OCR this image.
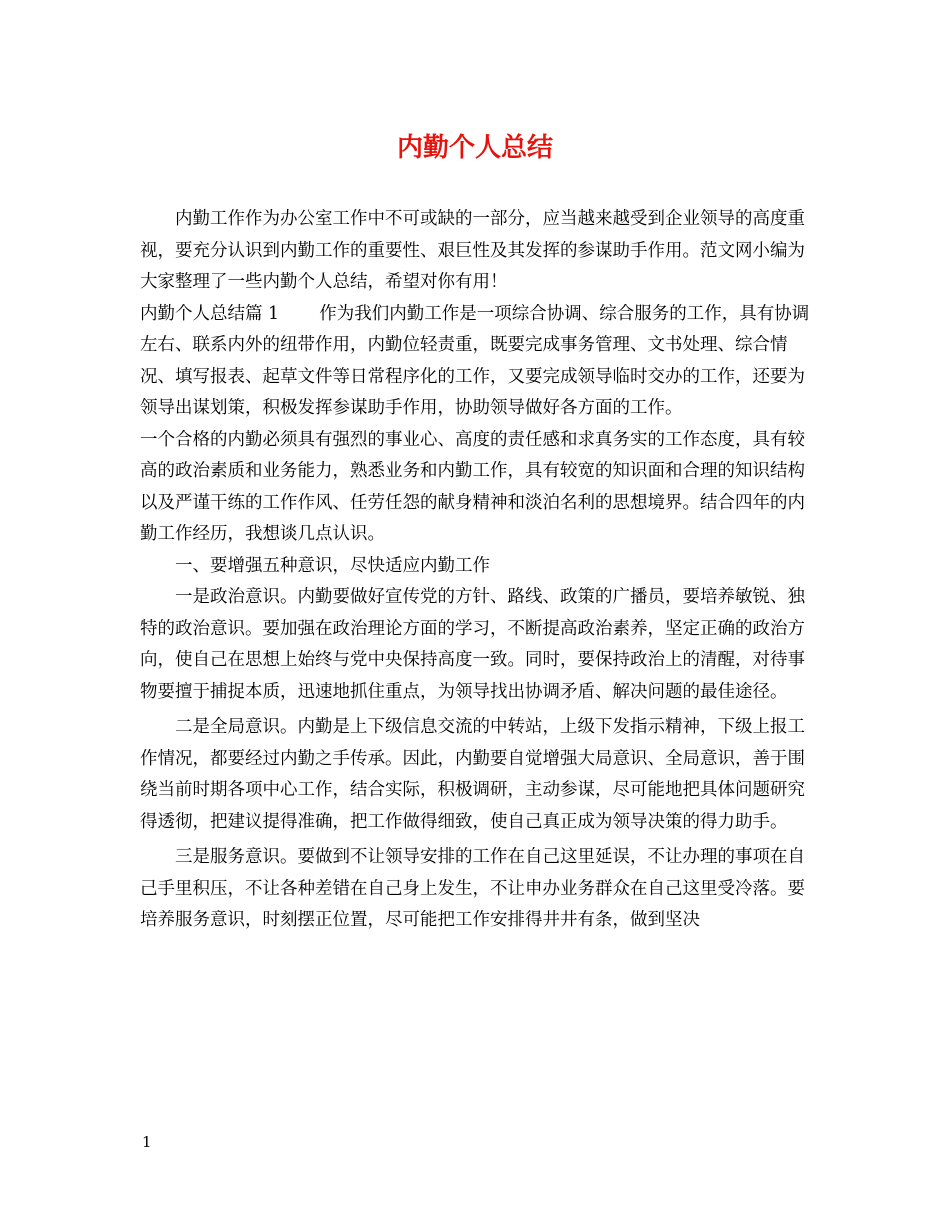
内勤个人总结

内勤工作作为办公室工作中不可或缺的一部分，应当越来越受到企业领导的高度重视，要充分认识到内勤工作的重要性、艰巨性及其发挥的参谋助手作用。范文网小编为大家整理了一些内勤个人总结，希望对你有用！

内勤个人总结篇 1 作为我们内勤工作是一项综合协调、综合服务的工作，具有协调左右、联系内外的纽带作用，内勤位轻责重，既要完成事务管理、文书处理、综合情况、填写报表、起草文件等日常程序化的工作，又要完成领导临时交办的工作，还要为领导出谋划策，积极发挥参谋助手作用，协助领导做好各方面的工作。

一个合格的内勤必须具有强烈的事业心、高度的责任感和求真务实的工作态度，具有较高的政治素质和业务能力，熟悉业务和内勤工作，具有较宽的知识面和合理的知识结构以及严谨干练的工作作风、任劳任怨的献身精神和淡泊名利的思想境界。结合四年的内勤工作经历，我想谈几点认识。

一、要增强五种意识，尽快适应内勤工作

一是政治意识。内勤要做好宣传党的方针、路线、政策的广播员，要培养敏锐、独特的政治意识。要加强在政治理论方面的学习，不断提高政治素养，坚定正确的政治方向，使自己在思想上始终与党中央保持高度一致。同时，要保持政治上的清醒，对待事物要擅于捕捉本质，迅速地抓住重点，为领导找出协调矛盾、解决问题的最佳途径。

二是全局意识。内勤是上下级信息交流的中转站，上级下发指示精神，下级上报工作情况，都要经过内勤之手传承。因此，内勤要自觉增强大局意识、全局意识，善于围绕当前时期各项中心工作，结合实际，积极调研，主动参谋，尽可能地把具体问题研究得透彻，把建议提得准确，把工作做得细致，使自己真正成为领导决策的得力助手。

三是服务意识。要做到不让领导安排的工作在自己这里延误，不让办理的事项在自己手里积压，不让各种差错在自己身上发生，不让申办业务群众在自己这里受冷落。要培养服务意识，时刻摆正位置，尽可能把工作安排得井井有条，做到坚决

1
